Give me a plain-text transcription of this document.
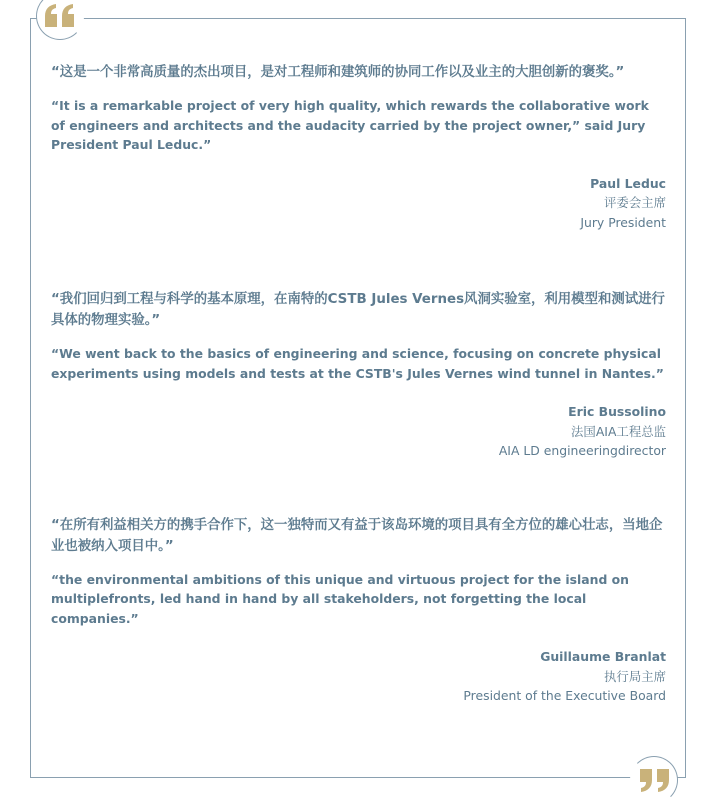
“这是一个非常高质量的杰出项目，是对工程师和建筑师的协同工作以及业主的大胆创新的褒奖。”

“It is a remarkable project of very high quality, which rewards the collaborative work of engineers and architects and the audacity carried by the project owner,” said Jury President Paul Leduc.”

Paul Leduc
评委会主席
Jury President

“我们回归到工程与科学的基本原理，在南特的CSTB Jules Vernes风洞实验室，利用模型和测试进行具体的物理实验。”

“We went back to the basics of engineering and science, focusing on concrete physical experiments using models and tests at the CSTB's Jules Vernes wind tunnel in Nantes.”

Eric Bussolino
法国AIA工程总监
AIA LD engineeringdirector

“在所有利益相关方的携手合作下，这一独特而又有益于该岛环境的项目具有全方位的雄心壮志，当地企业也被纳入项目中。”

“the environmental ambitions of this unique and virtuous project for the island on multiplefronts, led hand in hand by all stakeholders, not forgetting the local companies.”

Guillaume Branlat
执行局主席
President of the Executive Board
